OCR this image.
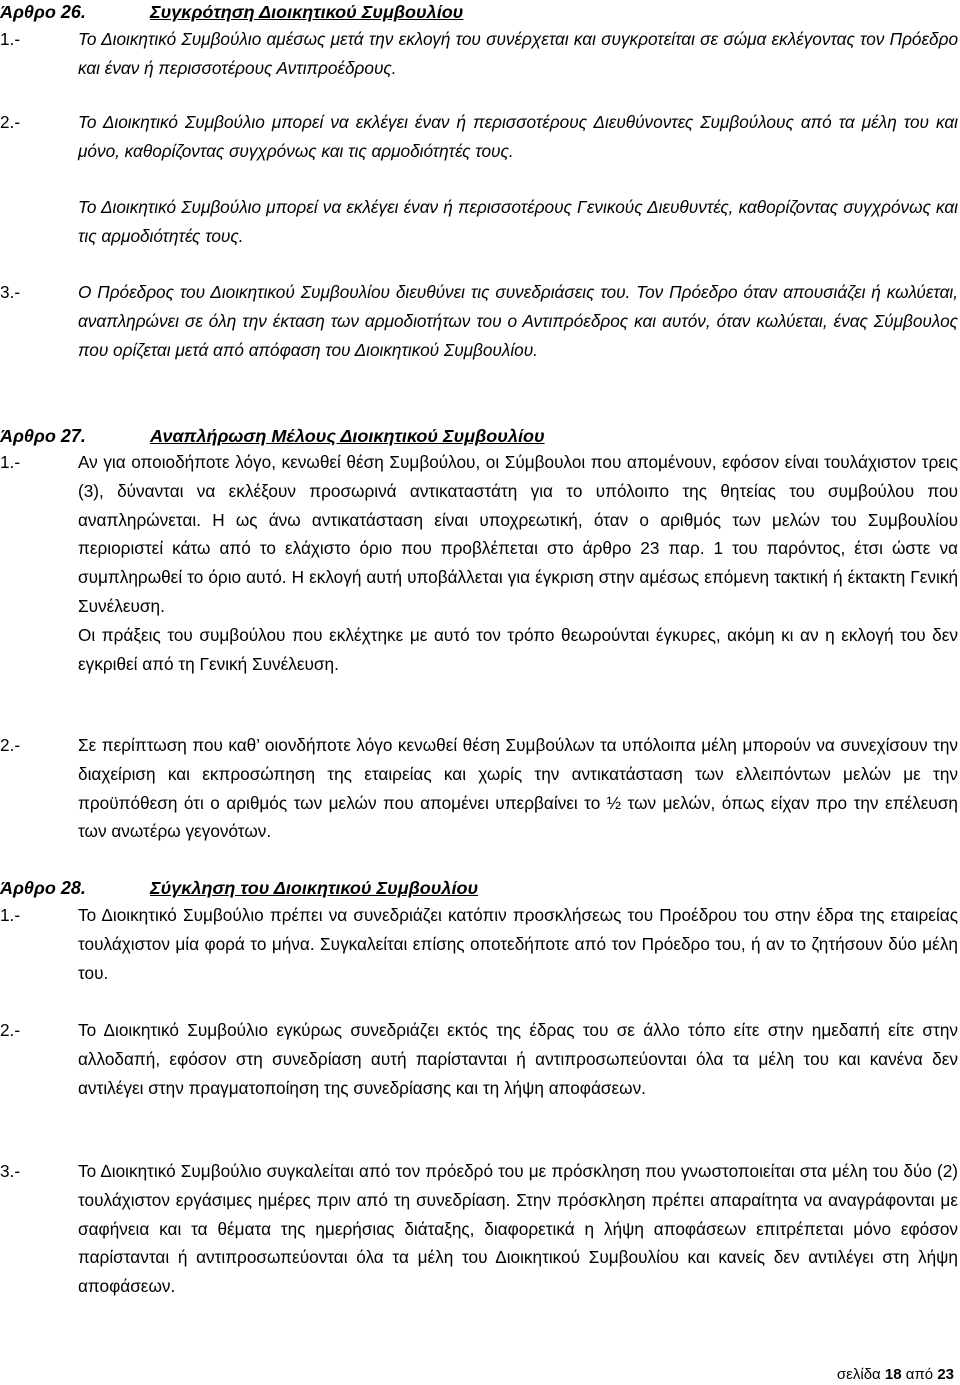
Άρθρο 26.	Συγκρότηση Διοικητικού Συμβουλίου
1.-	Το Διοικητικό Συμβούλιο αμέσως μετά την εκλογή του συνέρχεται και συγκροτείται σε σώμα εκλέγοντας τον Πρόεδρο και έναν ή περισσοτέρους Αντιπροέδρους.
2.-	Το Διοικητικό Συμβούλιο μπορεί να εκλέγει έναν ή περισσοτέρους Διευθύνοντες Συμβούλους από τα μέλη του και μόνο, καθορίζοντας συγχρόνως και τις αρμοδιότητές τους.
Το Διοικητικό Συμβούλιο μπορεί να εκλέγει έναν ή περισσοτέρους Γενικούς Διευθυντές, καθορίζοντας συγχρόνως και τις αρμοδιότητές τους.
3.-	Ο Πρόεδρος του Διοικητικού Συμβουλίου διευθύνει τις συνεδριάσεις του. Τον Πρόεδρο όταν απουσιάζει ή κωλύεται, αναπληρώνει σε όλη την έκταση των αρμοδιοτήτων του ο Αντιπρόεδρος και αυτόν, όταν κωλύεται, ένας Σύμβουλος που ορίζεται μετά από απόφαση του Διοικητικού Συμβουλίου.
Άρθρο 27.	Αναπλήρωση Μέλους Διοικητικού Συμβουλίου
1.-	Αν για οποιοδήποτε λόγο, κενωθεί θέση Συμβούλου, οι Σύμβουλοι που απομένουν, εφόσον είναι τουλάχιστον τρεις (3), δύνανται να εκλέξουν προσωρινά αντικαταστάτη για το υπόλοιπο της θητείας του συμβούλου που αναπληρώνεται. Η ως άνω αντικατάσταση είναι υποχρεωτική, όταν ο αριθμός των μελών του Συμβουλίου περιοριστεί κάτω από το ελάχιστο όριο που προβλέπεται στο άρθρο 23 παρ. 1 του παρόντος, έτσι ώστε να συμπληρωθεί το όριο αυτό. Η εκλογή αυτή υποβάλλεται για έγκριση στην αμέσως επόμενη τακτική ή έκτακτη Γενική Συνέλευση.

Οι πράξεις του συμβούλου που εκλέχτηκε με αυτό τον τρόπο θεωρούνται έγκυρες, ακόμη κι αν η εκλογή του δεν εγκριθεί από τη Γενική Συνέλευση.

2.-	Σε περίπτωση που καθ’ οιονδήποτε λόγο κενωθεί θέση Συμβούλων τα υπόλοιπα μέλη μπορούν να συνεχίσουν την διαχείριση και εκπροσώπηση της εταιρείας και χωρίς την αντικατάσταση των ελλειπόντων μελών με την προϋπόθεση ότι ο αριθμός των μελών που απομένει υπερβαίνει το ½ των μελών, όπως είχαν προ την επέλευση των ανωτέρω γεγονότων.
Άρθρο 28.	Σύγκληση του Διοικητικού Συμβουλίου
1.-	Το Διοικητικό Συμβούλιο πρέπει να συνεδριάζει κατόπιν προσκλήσεως του Προέδρου του στην έδρα της εταιρείας τουλάχιστον μία φορά το μήνα. Συγκαλείται επίσης οποτεδήποτε από τον Πρόεδρο του, ή αν το ζητήσουν δύο μέλη του.
2.-	Το Διοικητικό Συμβούλιο εγκύρως συνεδριάζει εκτός της έδρας του σε άλλο τόπο είτε στην ημεδαπή είτε στην αλλοδαπή, εφόσον στη συνεδρίαση αυτή παρίστανται ή αντιπροσωπεύονται όλα τα μέλη του και κανένα δεν αντιλέγει στην πραγματοποίηση της συνεδρίασης και τη λήψη αποφάσεων.
3.-	Το Διοικητικό Συμβούλιο συγκαλείται από τον πρόεδρό του με πρόσκληση που γνωστοποιείται στα μέλη του δύο (2) τουλάχιστον εργάσιμες ημέρες πριν από τη συνεδρίαση. Στην πρόσκληση πρέπει απαραίτητα να αναγράφονται με σαφήνεια και τα θέματα της ημερήσιας διάταξης, διαφορετικά η λήψη αποφάσεων επιτρέπεται μόνο εφόσον παρίστανται ή αντιπροσωπεύονται όλα τα μέλη του Διοικητικού Συμβουλίου και κανείς δεν αντιλέγει στη λήψη αποφάσεων.
σελίδα 18 από 23
